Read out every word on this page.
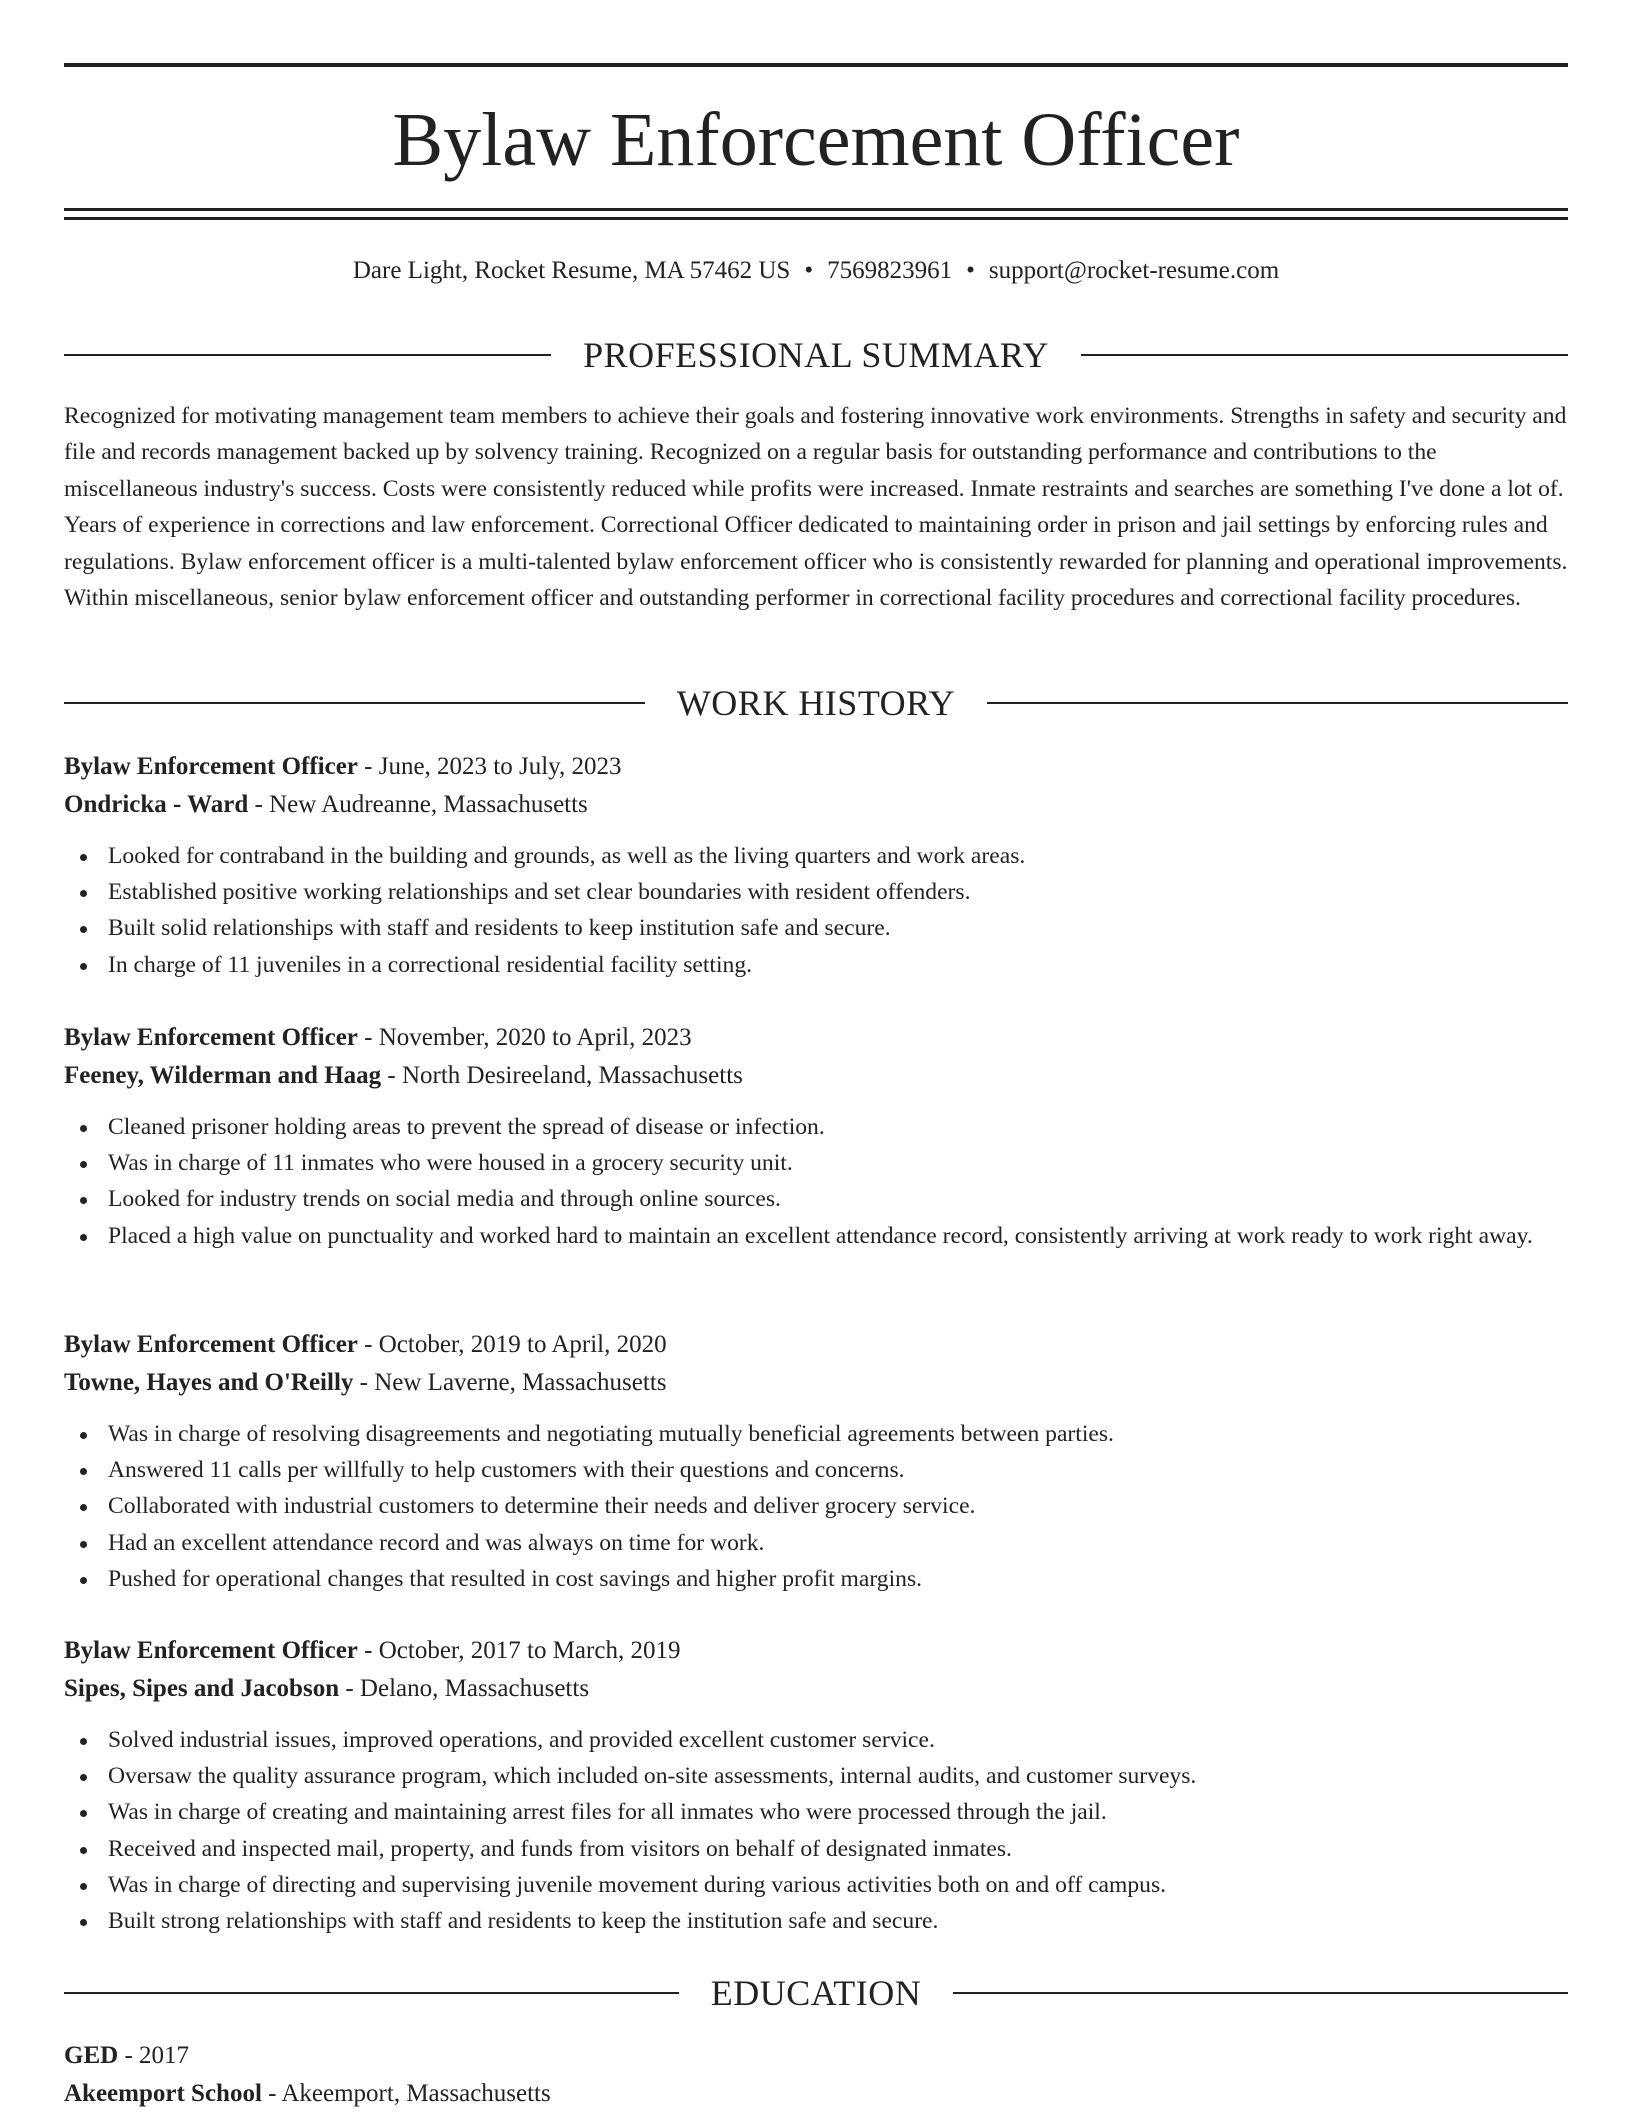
Bylaw Enforcement Officer
Dare Light, Rocket Resume, MA 57462 US • 7569823961 • support@rocket-resume.com
PROFESSIONAL SUMMARY

Recognized for motivating management team members to achieve their goals and fostering innovative work environments. Strengths in safety and security and file and records management backed up by solvency training. Recognized on a regular basis for outstanding performance and contributions to the miscellaneous industry's success. Costs were consistently reduced while profits were increased. Inmate restraints and searches are something I've done a lot of. Years of experience in corrections and law enforcement. Correctional Officer dedicated to maintaining order in prison and jail settings by enforcing rules and regulations. Bylaw enforcement officer is a multi-talented bylaw enforcement officer who is consistently rewarded for planning and operational improvements. Within miscellaneous, senior bylaw enforcement officer and outstanding performer in correctional facility procedures and correctional facility procedures.

WORK HISTORY

Bylaw Enforcement Officer - June, 2023 to July, 2023

Ondricka - Ward - New Audreanne, Massachusetts

Looked for contraband in the building and grounds, as well as the living quarters and work areas.
Established positive working relationships and set clear boundaries with resident offenders.
Built solid relationships with staff and residents to keep institution safe and secure.
In charge of 11 juveniles in a correctional residential facility setting.

Bylaw Enforcement Officer - November, 2020 to April, 2023

Feeney, Wilderman and Haag - North Desireeland, Massachusetts

Cleaned prisoner holding areas to prevent the spread of disease or infection.
Was in charge of 11 inmates who were housed in a grocery security unit.
Looked for industry trends on social media and through online sources.
Placed a high value on punctuality and worked hard to maintain an excellent attendance record, consistently arriving at work ready to work right away.

Bylaw Enforcement Officer - October, 2019 to April, 2020

Towne, Hayes and O'Reilly - New Laverne, Massachusetts

Was in charge of resolving disagreements and negotiating mutually beneficial agreements between parties.
Answered 11 calls per willfully to help customers with their questions and concerns.
Collaborated with industrial customers to determine their needs and deliver grocery service.
Had an excellent attendance record and was always on time for work.
Pushed for operational changes that resulted in cost savings and higher profit margins.

Bylaw Enforcement Officer - October, 2017 to March, 2019

Sipes, Sipes and Jacobson - Delano, Massachusetts

Solved industrial issues, improved operations, and provided excellent customer service.
Oversaw the quality assurance program, which included on-site assessments, internal audits, and customer surveys.
Was in charge of creating and maintaining arrest files for all inmates who were processed through the jail.
Received and inspected mail, property, and funds from visitors on behalf of designated inmates.
Was in charge of directing and supervising juvenile movement during various activities both on and off campus.
Built strong relationships with staff and residents to keep the institution safe and secure.
EDUCATION

GED - 2017

Akeemport School - Akeemport, Massachusetts
